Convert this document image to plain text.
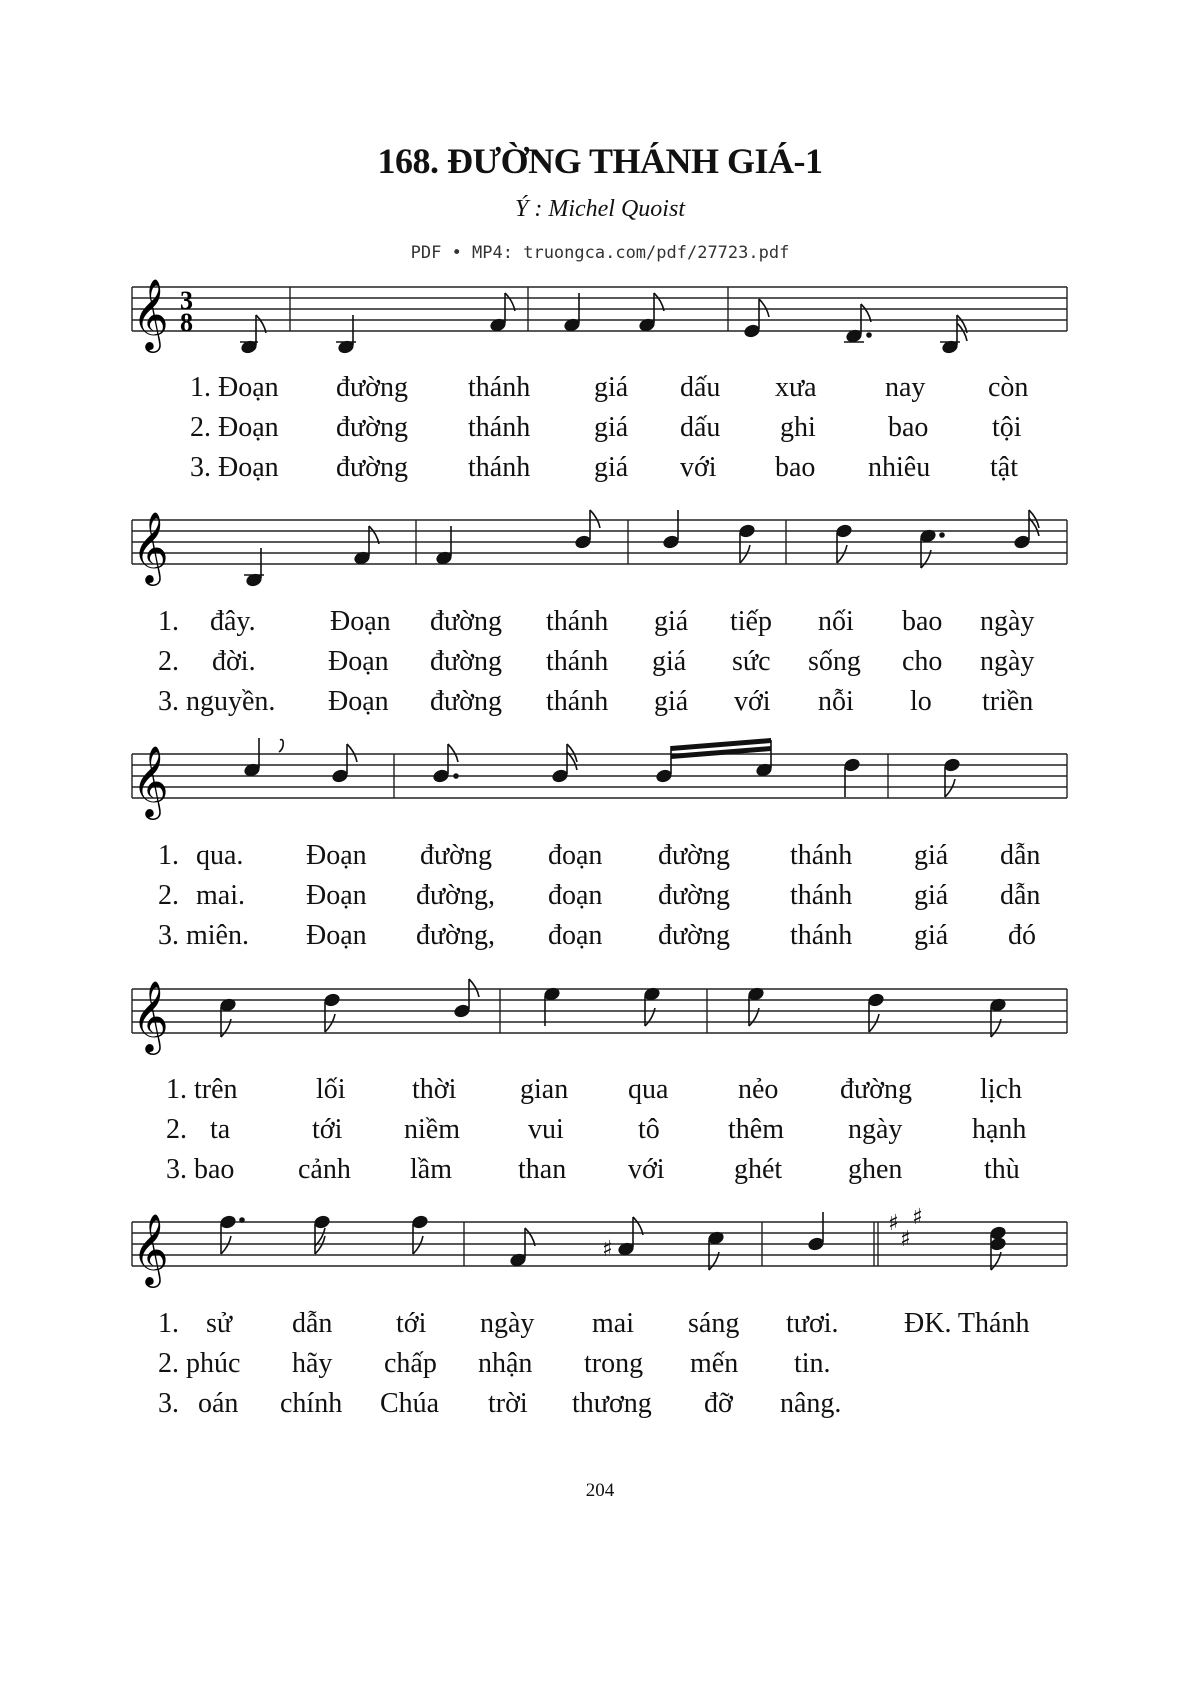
168. ĐƯỜNG THÁNH GIÁ-1
Ý : Michel Quoist
PDF • MP4: truongca.com/pdf/27723.pdf
𝄞 3
8
1. Đoạn đường thánh giá dấu xưa nay còn
2. Đoạn đường thánh giá dấu ghi	bao tội
3. Đoạn đường thánh giá với bao nhiêu tật
𝄞
1. đây.	Đoạn đường thánh giá tiếp nối bao ngày
2. đời.	Đoạn đường thánh giá sức sống cho ngày
3. nguyền. Đoạn đường thánh giá với nỗi lo triền
𝄞
1. qua. Đoạn đường đoạn đường thánh giá dẫn
2. mai. Đoạn đường, đoạn đường thánh giá dẫn
3. miên. Đoạn đường, đoạn đường thánh giá đó
𝄞
1. trên	lối thời gian qua nẻo đường lịch
2. ta	tới niềm vui	tô thêm ngày hạnh
3. bao cảnh lầm than với ghét ghen	thù
𝄞	♯
♯
♯
♯
1. sử dẫn tới ngày mai sáng tươi. ĐK. Thánh
2. phúc hãy chấp nhận trong mến tin.
3. oán chính Chúa trời thương đỡ nâng.
204
